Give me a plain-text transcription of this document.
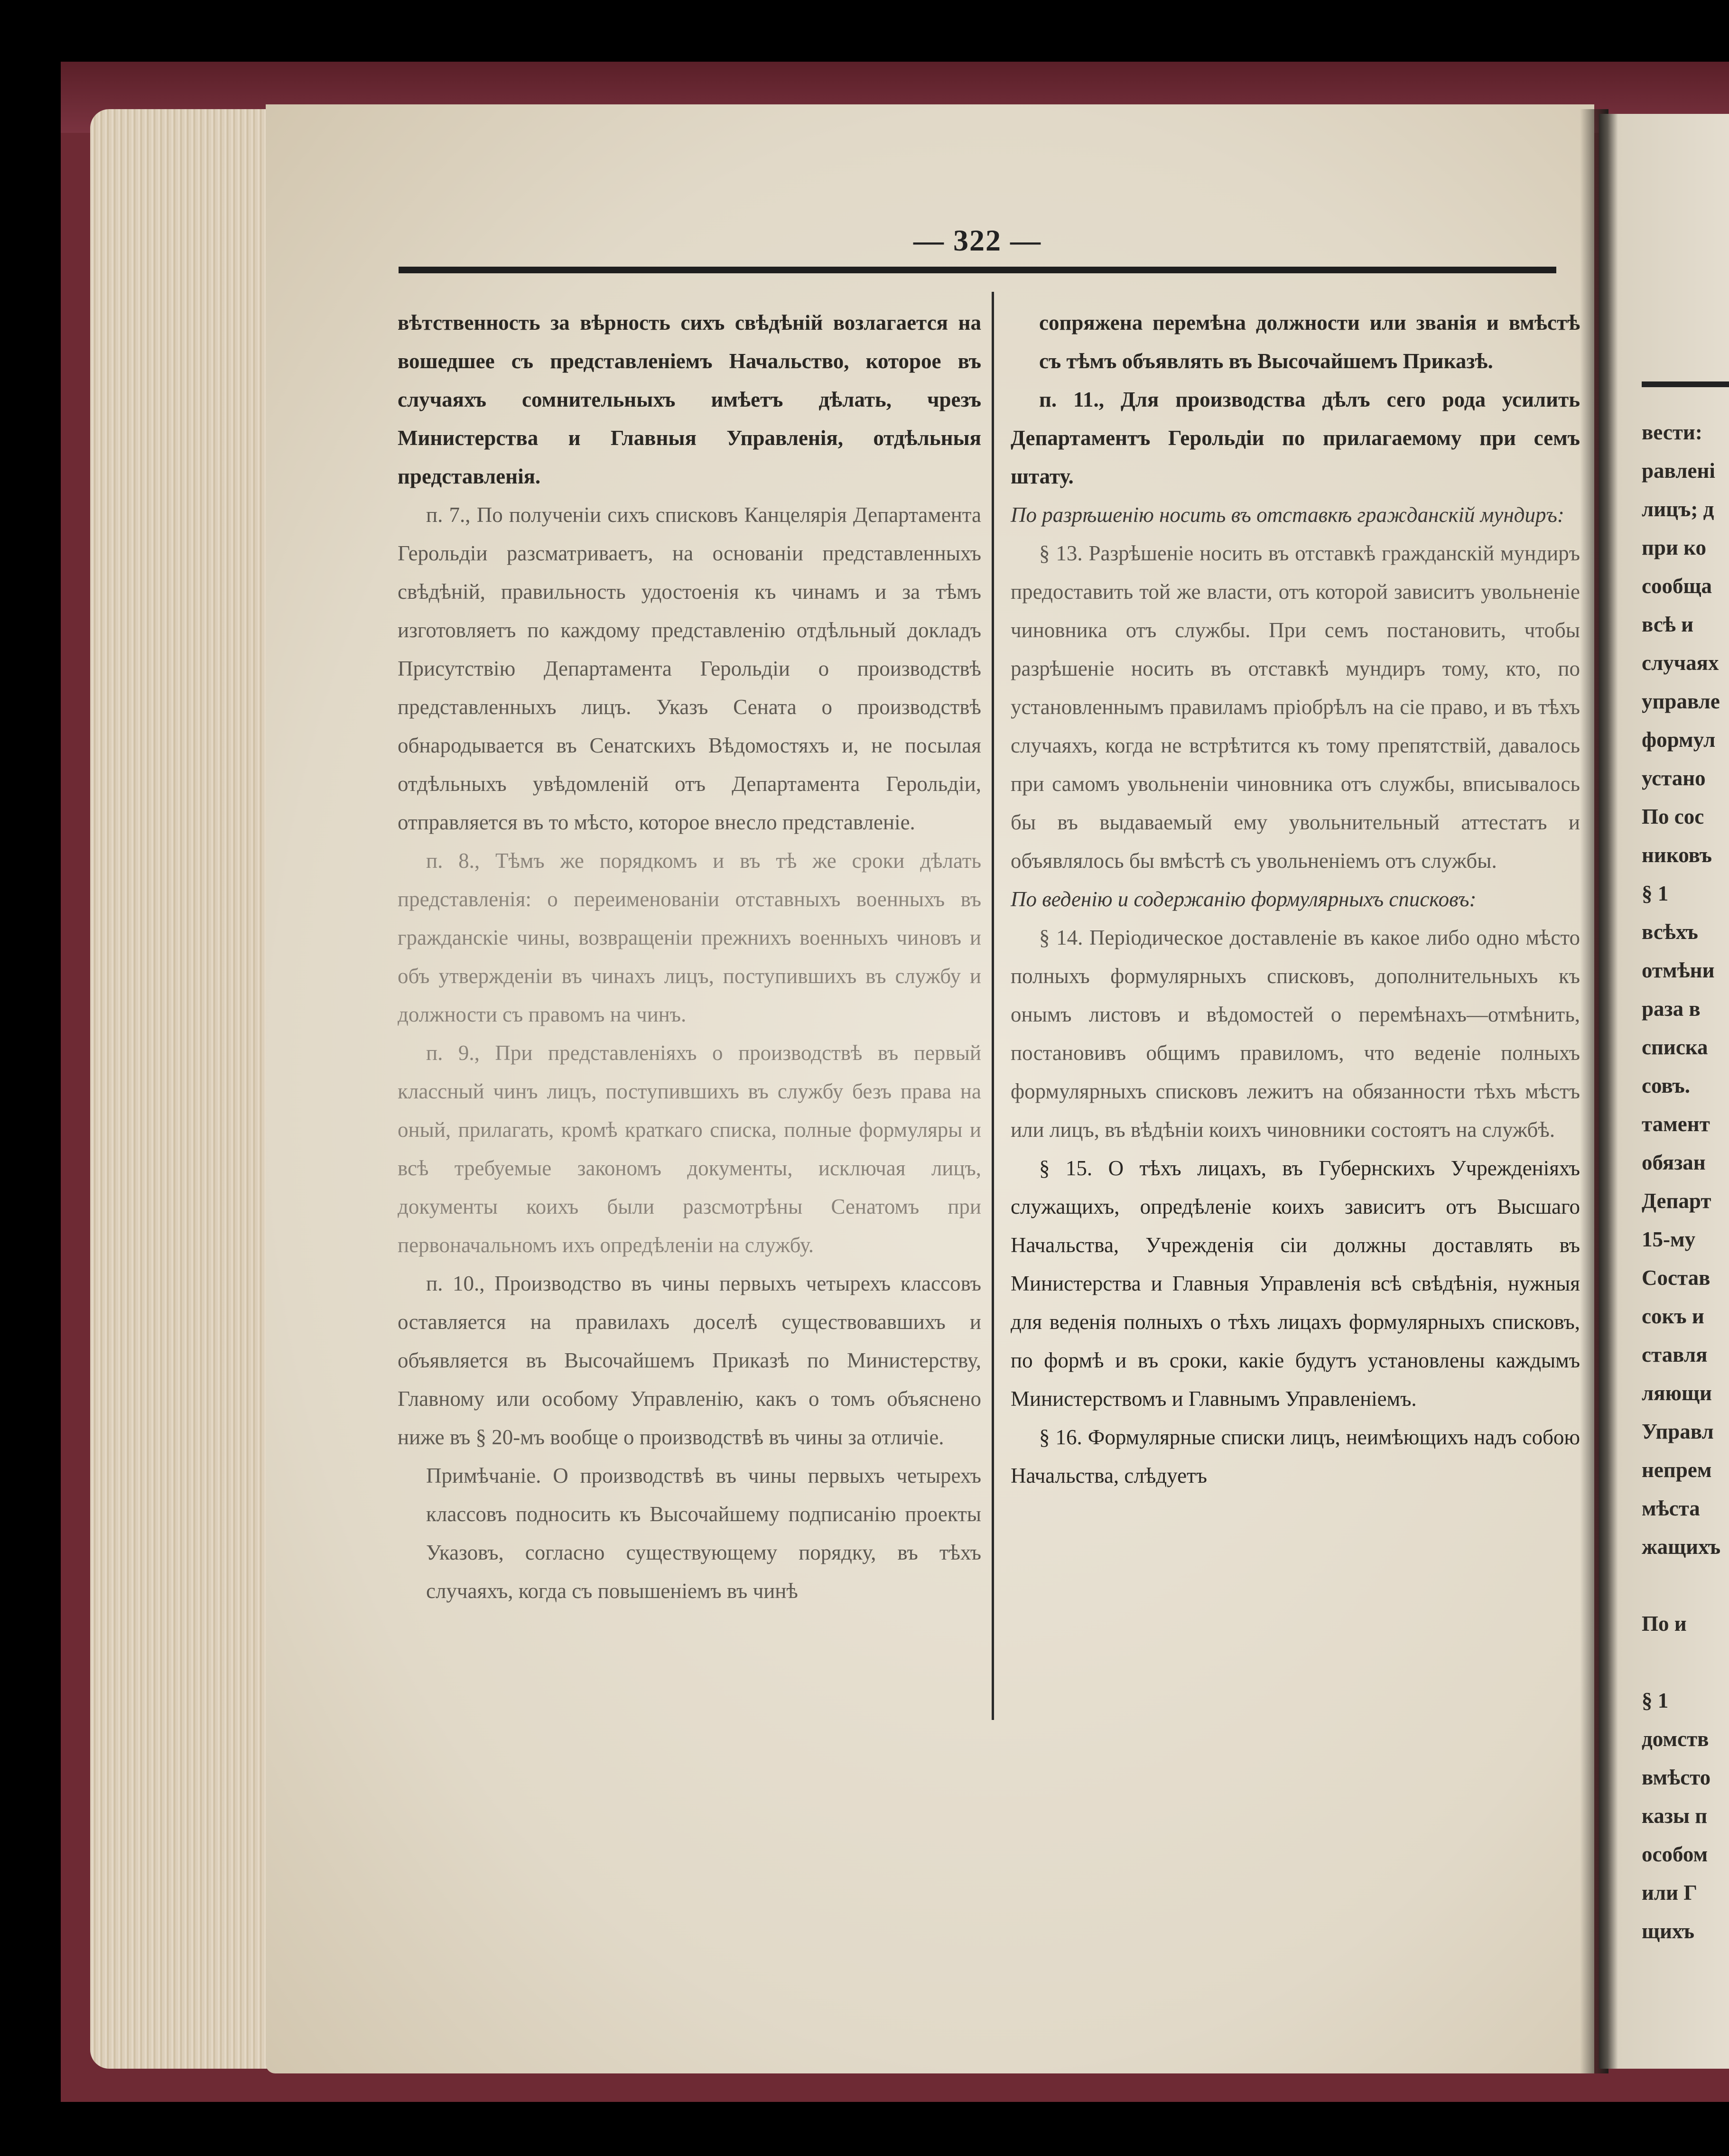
— 322 —

вѣтственность за вѣрность сихъ свѣдѣній возлагается на вошедшее съ представленіемъ Начальство, которое въ случаяхъ сомнительныхъ имѣетъ дѣлать, чрезъ Министерства и Главныя Управленія, отдѣльныя представленія.

п. 7., По полученіи сихъ списковъ Канцелярія Департамента Герольдіи разсматриваетъ, на основаніи представленныхъ свѣдѣній, правильность удостоенія къ чинамъ и за тѣмъ изготовляетъ по каждому представленію отдѣльный докладъ Присутствію Департамента Герольдіи о производствѣ представленныхъ лицъ. Указъ Сената о производствѣ обнародывается въ Сенатскихъ Вѣдомостяхъ и, не посылая отдѣльныхъ увѣдомленій отъ Департамента Герольдіи, отправляется въ то мѣсто, которое внесло представленіе.

п. 8., Тѣмъ же порядкомъ и въ тѣ же сроки дѣлать представленія: о переименованіи отставныхъ военныхъ въ гражданскіе чины, возвращеніи прежнихъ военныхъ чиновъ и объ утвержденіи въ чинахъ лицъ, поступившихъ въ службу и должности съ правомъ на чинъ.

п. 9., При представленіяхъ о производствѣ въ первый классный чинъ лицъ, поступившихъ въ службу безъ права на оный, прилагать, кромѣ краткаго списка, полные формуляры и всѣ требуемые закономъ документы, исключая лицъ, документы коихъ были разсмотрѣны Сенатомъ при первоначальномъ ихъ опредѣленіи на службу.

п. 10., Производство въ чины первыхъ четырехъ классовъ оставляется на правилахъ доселѣ существовавшихъ и объявляется въ Высочайшемъ Приказѣ по Министерству, Главному или особому Управленію, какъ о томъ объяснено ниже въ § 20-мъ вообще о производствѣ въ чины за отличіе.

Примѣчаніе. О производствѣ въ чины первыхъ четырехъ классовъ подносить къ Высочайшему подписанію проекты Указовъ, согласно существующему порядку, въ тѣхъ случаяхъ, когда съ повышеніемъ въ чинѣ

сопряжена перемѣна должности или званія и вмѣстѣ съ тѣмъ объявлять въ Высочайшемъ Приказѣ.

п. 11., Для производства дѣлъ сего рода усилить Департаментъ Герольдіи по прилагаемому при семъ штату.

По разрѣшенію носить въ отставкѣ гражданскій мундиръ:

§ 13. Разрѣшеніе носить въ отставкѣ гражданскій мундиръ предоставить той же власти, отъ которой зависитъ увольненіе чиновника отъ службы. При семъ постановить, чтобы разрѣшеніе носить въ отставкѣ мундиръ тому, кто, по установленнымъ правиламъ пріобрѣлъ на сіе право, и въ тѣхъ случаяхъ, когда не встрѣтится къ тому препятствій, давалось при самомъ увольненіи чиновника отъ службы, вписывалось бы въ выдаваемый ему увольнительный аттестатъ и объявлялось бы вмѣстѣ съ увольненіемъ отъ службы.

По веденію и содержанію формулярныхъ списковъ:

§ 14. Періодическое доставленіе въ какое либо одно мѣсто полныхъ формулярныхъ списковъ, дополнительныхъ къ онымъ листовъ и вѣдомостей о перемѣнахъ—отмѣнить, постановивъ общимъ правиломъ, что веденіе полныхъ формулярныхъ списковъ лежитъ на обязанности тѣхъ мѣстъ или лицъ, въ вѣдѣніи коихъ чиновники состоятъ на службѣ.

§ 15. О тѣхъ лицахъ, въ Губернскихъ Учрежденіяхъ служащихъ, опредѣленіе коихъ зависитъ отъ Высшаго Начальства, Учрежденія сіи должны доставлять въ Министерства и Главныя Управленія всѣ свѣдѣнія, нужныя для веденія полныхъ о тѣхъ лицахъ формулярныхъ списковъ, по формѣ и въ сроки, какіе будутъ установлены каждымъ Министерствомъ и Главнымъ Управленіемъ.

§ 16. Формулярные списки лицъ, неимѣющихъ надъ собою Начальства, слѣдуетъ

вести:
равлені
лицъ; д
при ко
сообща
всѣ и
случаях
управле
формул
устано
По сос
никовъ
§ 1
всѣхъ
отмѣни
раза в
списка
совъ.
тамент
обязан
Департ
15-му
Состав
сокъ и
ставля
ляющи
Управл
непрем
мѣста
жащихъ
По и
§ 1
домств
вмѣсто
казы п
особом
или Г
щихъ
